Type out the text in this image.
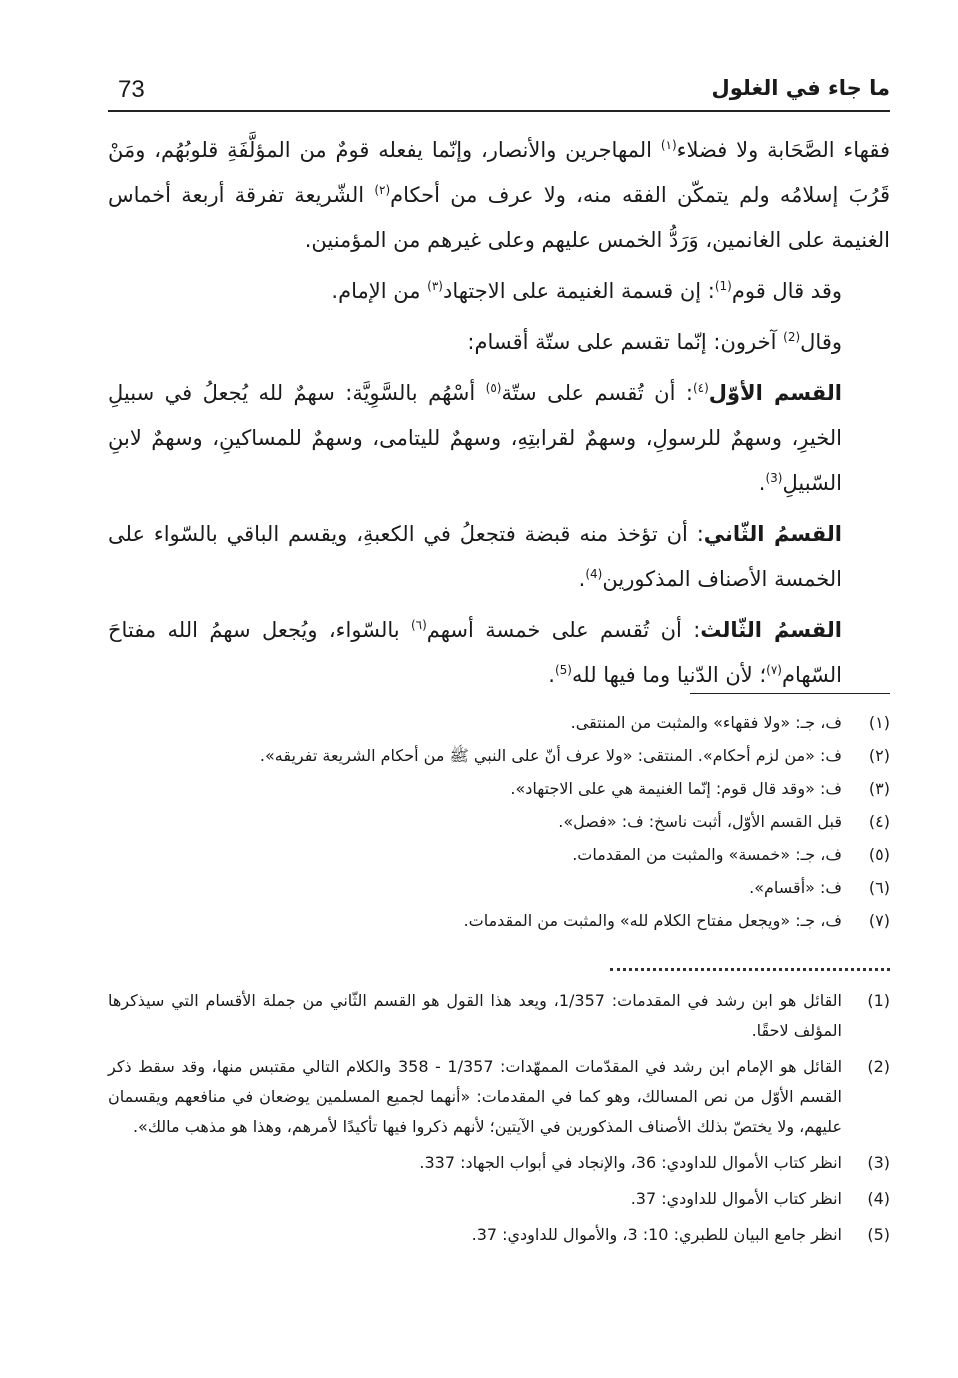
73	ما جاء في الغلول

فقهاء الصَّحَابة ولا فضلاء$^{(١)}$ المهاجرين والأنصار، وإنّما يفعله قومٌ من المؤلَّفَةِ قلوبُهُم، ومَنْ قَرُبَ إسلامُه ولم يتمكّن الفقه منه، ولا عرف من أحكام$^{(٢)}$ الشّريعة تفرقة أربعة أخماس الغنيمة على الغانمين، وَرَدُّ الخمس عليهم وعلى غيرهم من المؤمنين.

وقد قال قوم$^{(1)}$: إن قسمة الغنيمة على الاجتهاد$^{(٣)}$ من الإمام.

وقال$^{(2)}$ آخرون: إنّما تقسم على ستّة أقسام:

القسم الأوّل$^{(٤)}$: أن تُقسم على ستّة$^{(٥)}$ أسْهُم بالسَّوِيَّة: سهمٌ لله يُجعلُ في سبيلِ الخيرِ، وسهمٌ للرسولِ، وسهمٌ لقرابتِهِ، وسهمٌ لليتامى، وسهمٌ للمساكينِ، وسهمٌ لابنِ السّبيلِ$^{(3)}$.

القسمُ الثّاني: أن تؤخذ منه قبضة فتجعلُ في الكعبةِ، ويقسم الباقي بالسّواء على الخمسة الأصناف المذكورين$^{(4)}$.

القسمُ الثّالث: أن تُقسم على خمسة أسهم$^{(٦)}$ بالسّواء، ويُجعل سهمُ الله مفتاحَ السّهام$^{(٧)}$؛ لأن الدّنيا وما فيها لله$^{(5)}$.

(١)
ف، جـ: «ولا فقهاء» والمثبت من المنتقى.
(٢)
ف: «من لزم أحكام». المنتقى: «ولا عرف أنّ على النبي ﷺ من أحكام الشريعة تفريقه».
(٣)
ف: «وقد قال قوم: إنّما الغنيمة هي على الاجتهاد».
(٤)
قبل القسم الأوّل، أثبت ناسخ: ف: «فصل».
(٥)
ف، جـ: «خمسة» والمثبت من المقدمات.
(٦)
ف: «أقسام».
(٧)
ف، جـ: «ويجعل مفتاح الكلام لله» والمثبت من المقدمات.
(1)
القائل هو ابن رشد في المقدمات: 1/357، ويعد هذا القول هو القسم الثّاني من جملة الأقسام التي سيذكرها المؤلف لاحقًا.
(2)
القائل هو الإمام ابن رشد في المقدّمات الممهّدات: 1/357 - 358 والكلام التالي مقتبس منها، وقد سقط ذكر القسم الأوّل من نص المسالك، وهو كما في المقدمات: «أنهما لجميع المسلمين يوضعان في منافعهم ويقسمان عليهم، ولا يختصّ بذلك الأصناف المذكورين في الآيتين؛ لأنهم ذكروا فيها تأكيدًا لأمرهم، وهذا هو مذهب مالك».
(3)
انظر كتاب الأموال للداودي: 36، والإنجاد في أبواب الجهاد: 337.
(4)
انظر كتاب الأموال للداودي: 37.
(5)
انظر جامع البيان للطبري: 10: 3، والأموال للداودي: 37.
